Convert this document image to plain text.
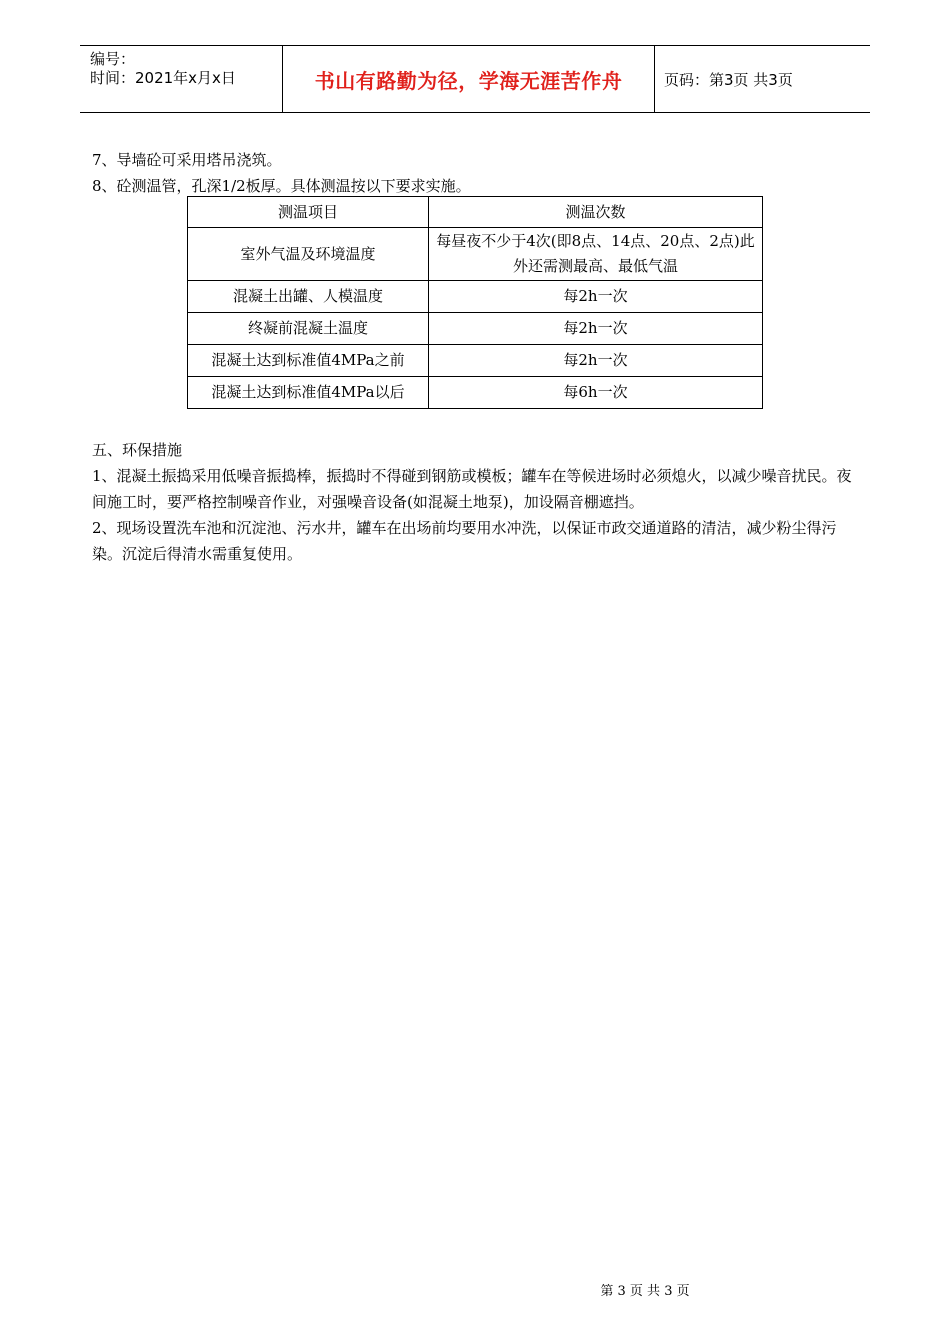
编号：
时间：2021年x月x日	书山有路勤为径，学海无涯苦作舟	页码：第3页 共3页

7、导墙砼可采用塔吊浇筑。

8、砼测温管，孔深1/2板厚。具体测温按以下要求实施。

测温项目	测温次数
室外气温及环境温度	每昼夜不少于4次(即8点、14点、20点、2点)此外还需测最高、最低气温
混凝土出罐、人模温度	每2h一次
终凝前混凝土温度	每2h一次
混凝土达到标准值4MPa之前	每2h一次
混凝土达到标准值4MPa以后	每6h一次

五、环保措施

1、混凝土振捣采用低噪音振捣棒，振捣时不得碰到钢筋或模板；罐车在等候进场时必须熄火，以减少噪音扰民。夜间施工时，要严格控制噪音作业，对强噪音设备(如混凝土地泵)，加设隔音棚遮挡。

2、现场设置洗车池和沉淀池、污水井，罐车在出场前均要用水冲洗，以保证市政交通道路的清洁，减少粉尘得污染。沉淀后得清水需重复使用。

第 3 页 共 3 页
